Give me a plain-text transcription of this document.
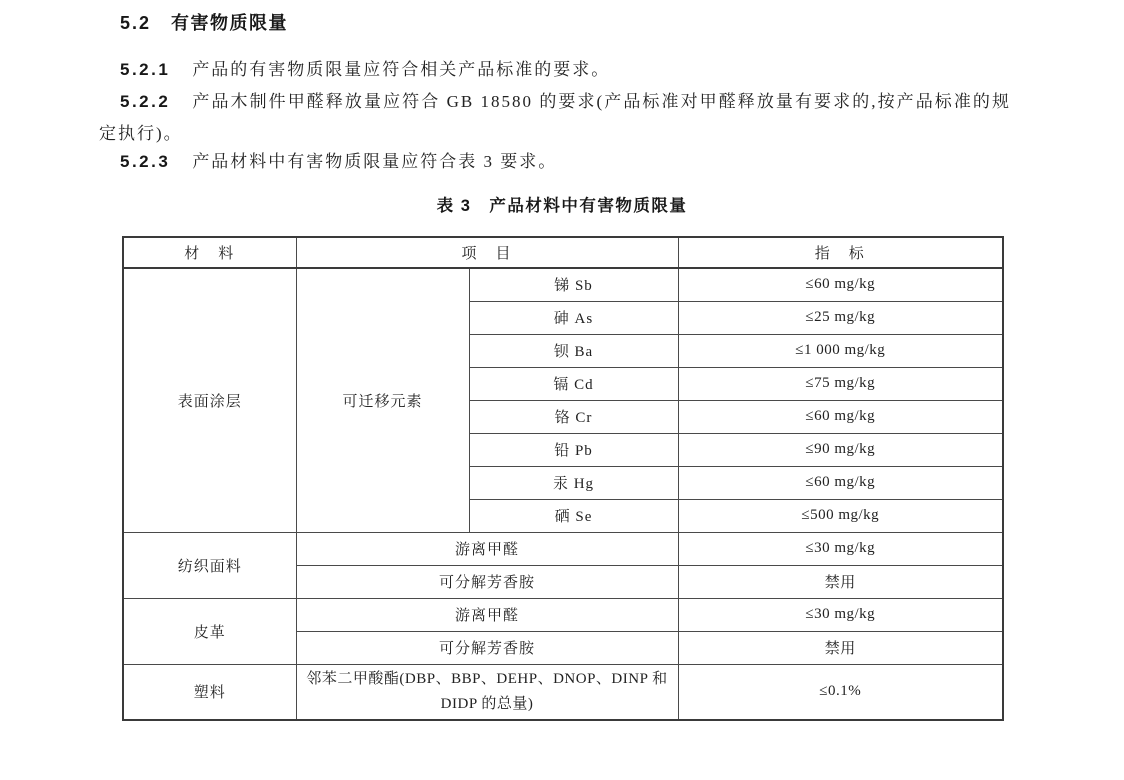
5.2 有害物质限量

5.2.1 产品的有害物质限量应符合相关产品标准的要求。

5.2.2 产品木制件甲醛释放量应符合 GB 18580 的要求(产品标准对甲醛释放量有要求的,按产品标准的规定执行)。

5.2.3 产品材料中有害物质限量应符合表 3 要求。

表 3 产品材料中有害物质限量
材　料	项　目		指　标
表面涂层	可迁移元素	锑 Sb	≤60 mg/kg
		砷 As	≤25 mg/kg
		钡 Ba	≤1 000 mg/kg
		镉 Cd	≤75 mg/kg
		铬 Cr	≤60 mg/kg
		铅 Pb	≤90 mg/kg
		汞 Hg	≤60 mg/kg
		硒 Se	≤500 mg/kg
纺织面料	游离甲醛		≤30 mg/kg
	可分解芳香胺		禁用
皮革	游离甲醛		≤30 mg/kg
	可分解芳香胺		禁用
塑料	邻苯二甲酸酯(DBP、BBP、DEHP、DNOP、DINP 和 DIDP 的总量)		≤0.1%
